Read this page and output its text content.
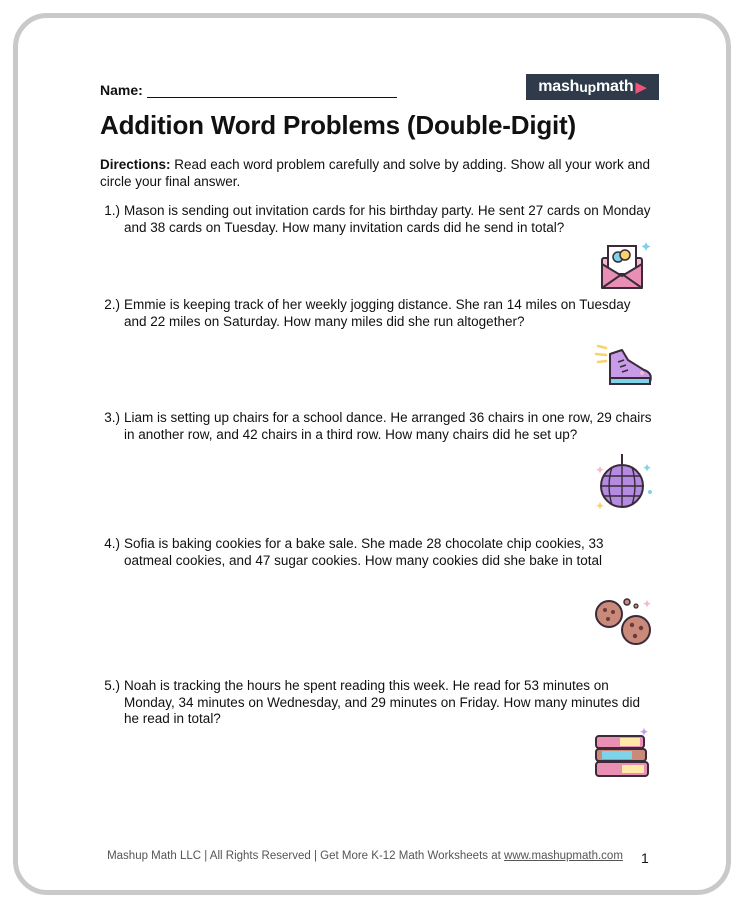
Name:	mash up math ▶
Addition Word Problems (Double-Digit)
Directions: Read each word problem carefully and solve by adding. Show all your work and circle your final answer.
1.) Mason is sending out invitation cards for his birthday party. He sent 27 cards on Monday and 38 cards on Tuesday. How many invitation cards did he send in total?
2.) Emmie is keeping track of her weekly jogging distance. She ran 14 miles on Tuesday and 22 miles on Saturday. How many miles did she run altogether?
3.) Liam is setting up chairs for a school dance. He arranged 36 chairs in one row, 29 chairs in another row, and 42 chairs in a third row. How many chairs did he set up?
4.) Sofia is baking cookies for a bake sale. She made 28 chocolate chip cookies, 33 oatmeal cookies, and 47 sugar cookies. How many cookies did she bake in total
5.) Noah is tracking the hours he spent reading this week. He read for 53 minutes on Monday, 34 minutes on Wednesday, and 29 minutes on Friday. How many minutes did he read in total?
Mashup Math LLC | All Rights Reserved | Get More K-12 Math Worksheets at www.mashupmath.com	1
